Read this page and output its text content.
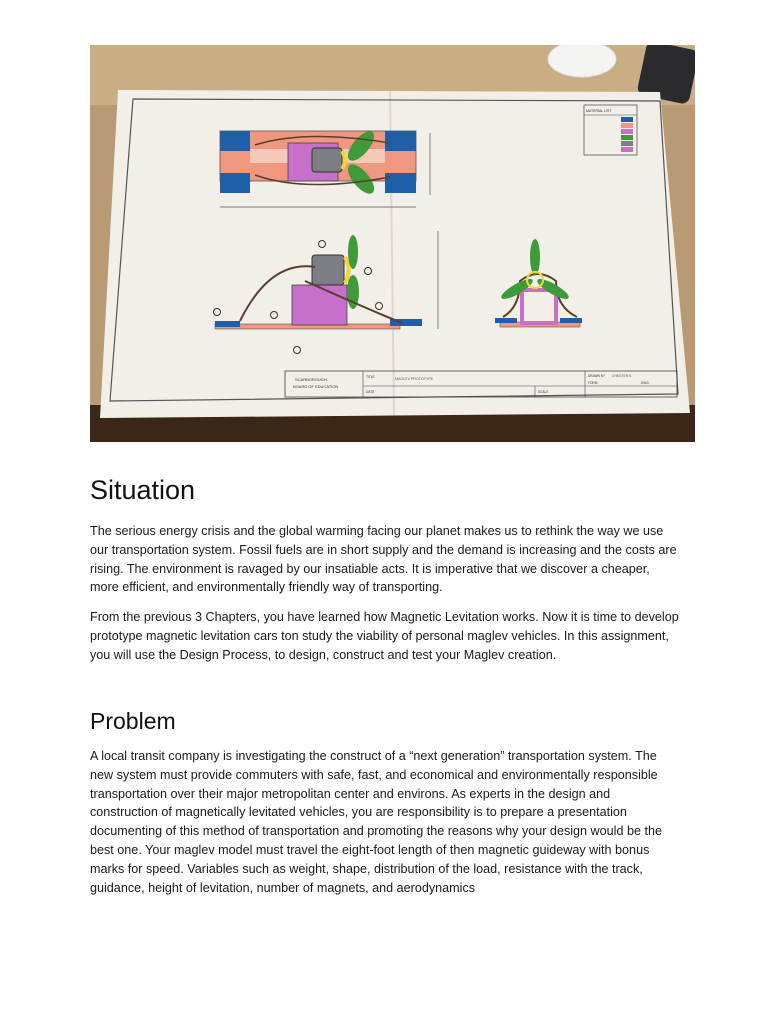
MATERIAL LIST
SCARBOROUGH
BOARD OF EDUCATION
TITLE	MAGLEV PROTOTYPE
DATE	SCALE
DRAWN BY CHESTER K.
FORM	DWG.
Situation

The serious energy crisis and the global warming facing our planet makes us to rethink the way we use our transportation system. Fossil fuels are in short supply and the demand is increasing and the costs are rising. The environment is ravaged by our insatiable acts. It is imperative that we discover a cheaper, more efficient, and environmentally friendly way of transporting.

From the previous 3 Chapters, you have learned how Magnetic Levitation works. Now it is time to develop prototype magnetic levitation cars ton study the viability of personal maglev vehicles. In this assignment, you will use the Design Process, to design, construct and test your Maglev creation.

Problem

A local transit company is investigating the construct of a “next generation” transportation system. The new system must provide commuters with safe, fast, and economical and environmentally responsible transportation over their major metropolitan center and environs. As experts in the design and construction of magnetically levitated vehicles, you are responsibility is to prepare a presentation documenting of this method of transportation and promoting the reasons why your design would be the best one. Your maglev model must travel the eight-foot length of then magnetic guideway with bonus marks for speed. Variables such as weight, shape, distribution of the load, resistance with the track, guidance, height of levitation, number of magnets, and aerodynamics
